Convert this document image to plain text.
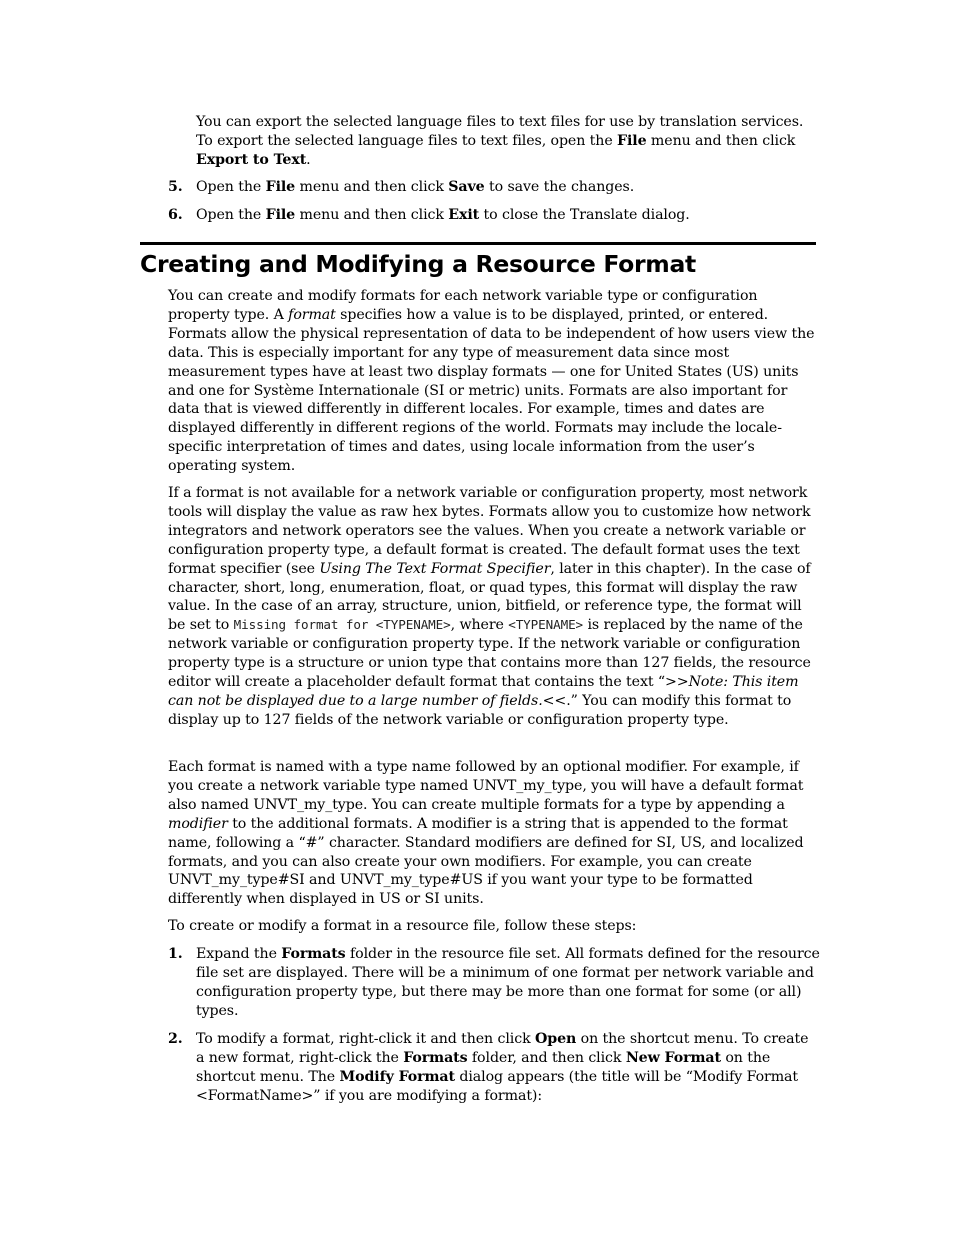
You can export the selected language files to text files for use by translation services. To export the selected language files to text files, open the File menu and then click Export to Text.
5. Open the File menu and then click Save to save the changes.
6. Open the File menu and then click Exit to close the Translate dialog.
Creating and Modifying a Resource Format
You can create and modify formats for each network variable type or configuration property type. A format specifies how a value is to be displayed, printed, or entered. Formats allow the physical representation of data to be independent of how users view the data. This is especially important for any type of measurement data since most measurement types have at least two display formats — one for United States (US) units and one for Système Internationale (SI or metric) units. Formats are also important for data that is viewed differently in different locales. For example, times and dates are displayed differently in different regions of the world. Formats may include the locale-specific interpretation of times and dates, using locale information from the user’s operating system.
If a format is not available for a network variable or configuration property, most network tools will display the value as raw hex bytes. Formats allow you to customize how network integrators and network operators see the values. When you create a network variable or configuration property type, a default format is created. The default format uses the text format specifier (see Using The Text Format Specifier, later in this chapter). In the case of character, short, long, enumeration, float, or quad types, this format will display the raw value. In the case of an array, structure, union, bitfield, or reference type, the format will be set to Missing format for <TYPENAME>, where <TYPENAME> is replaced by the name of the network variable or configuration property type. If the network variable or configuration property type is a structure or union type that contains more than 127 fields, the resource editor will create a placeholder default format that contains the text “>>Note: This item can not be displayed due to a large number of fields.<<.” You can modify this format to display up to 127 fields of the network variable or configuration property type.
Each format is named with a type name followed by an optional modifier. For example, if you create a network variable type named UNVT_my_type, you will have a default format also named UNVT_my_type. You can create multiple formats for a type by appending a modifier to the additional formats. A modifier is a string that is appended to the format name, following a “#” character. Standard modifiers are defined for SI, US, and localized formats, and you can also create your own modifiers. For example, you can create UNVT_my_type#SI and UNVT_my_type#US if you want your type to be formatted differently when displayed in US or SI units.
To create or modify a format in a resource file, follow these steps:
1. Expand the Formats folder in the resource file set. All formats defined for the resource file set are displayed. There will be a minimum of one format per network variable and configuration property type, but there may be more than one format for some (or all) types.
2. To modify a format, right-click it and then click Open on the shortcut menu. To create a new format, right-click the Formats folder, and then click New Format on the shortcut menu. The Modify Format dialog appears (the title will be “Modify Format <FormatName>” if you are modifying a format):
